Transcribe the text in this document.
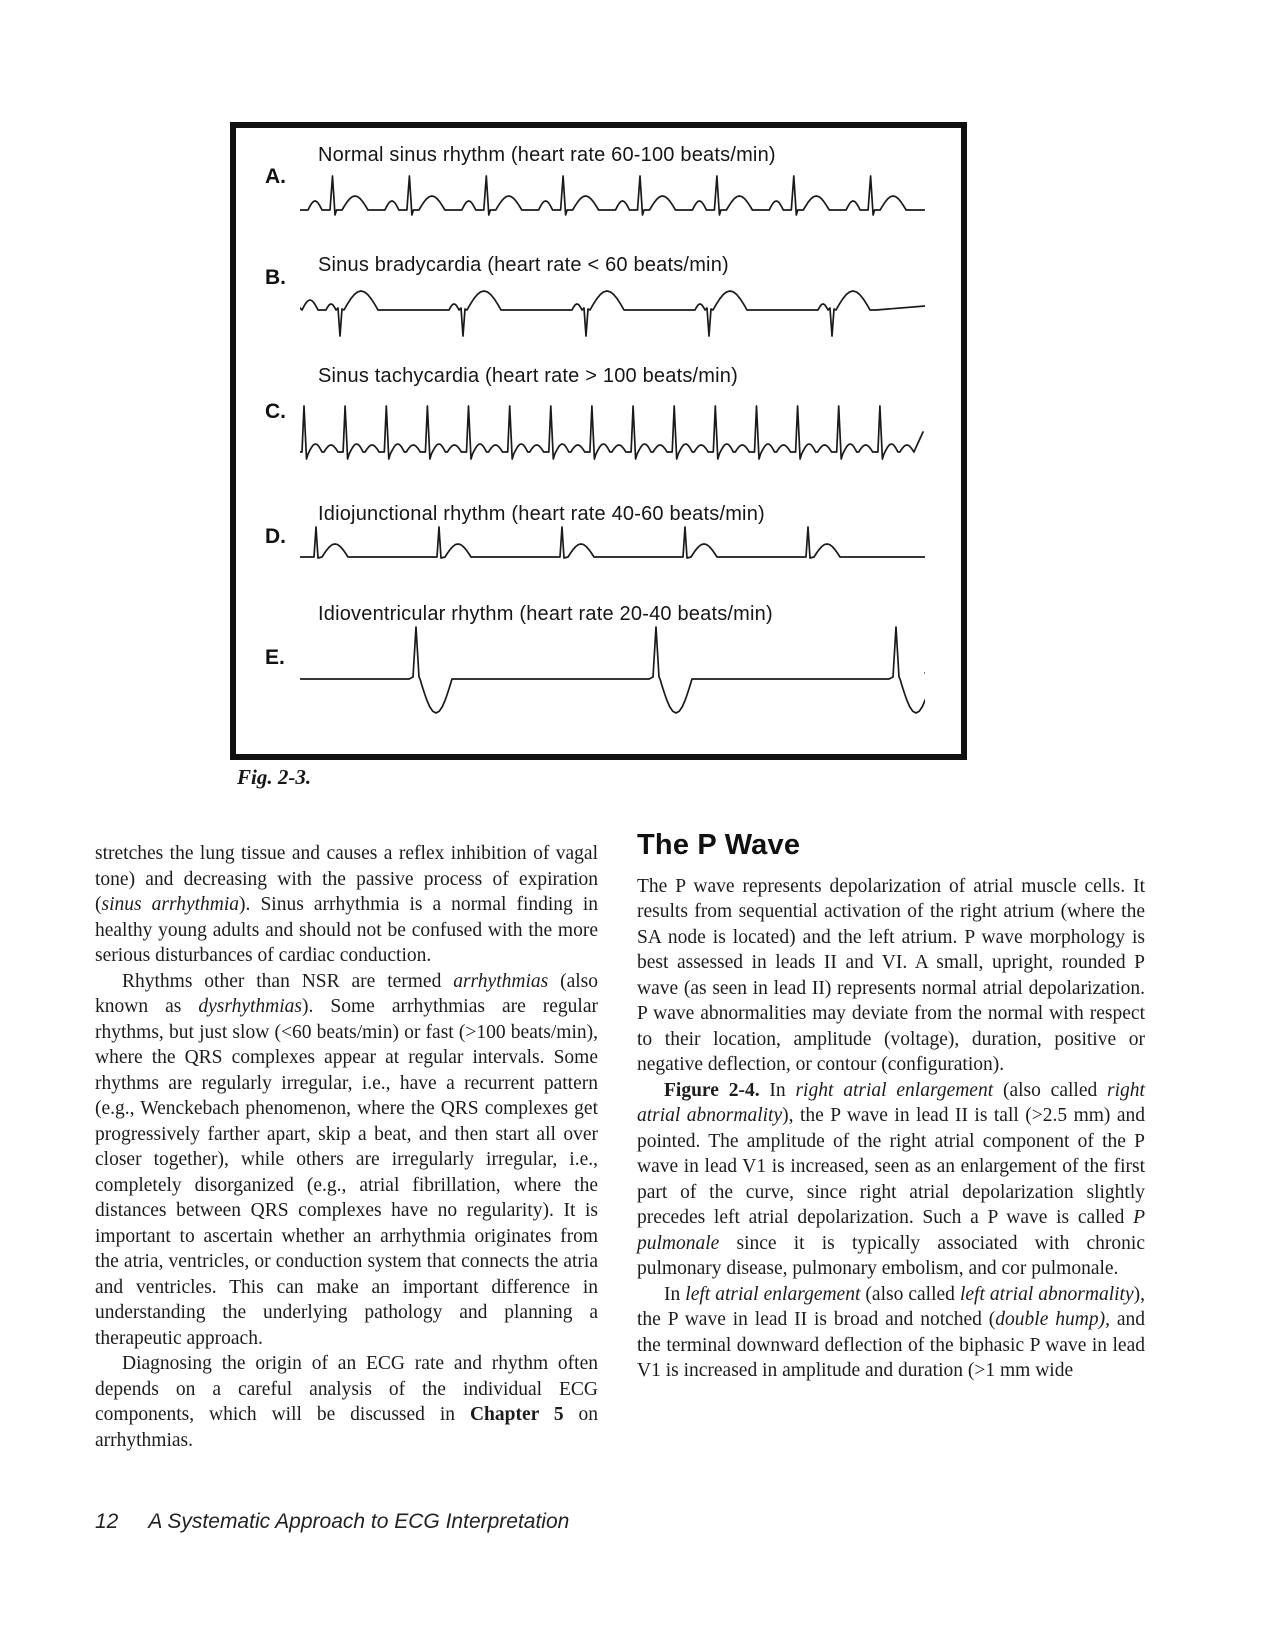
Normal sinus rhythm (heart rate 60-100 beats/min)
A.
Sinus bradycardia (heart rate < 60 beats/min)
B.
Sinus tachycardia (heart rate > 100 beats/min)
C.
Idiojunctional rhythm (heart rate 40-60 beats/min)
D.
Idioventricular rhythm (heart rate 20-40 beats/min)
E.
Fig. 2-3.

stretches the lung tissue and causes a reflex inhibition of vagal tone) and decreasing with the passive process of expiration (sinus arrhythmia). Sinus arrhythmia is a normal finding in healthy young adults and should not be confused with the more serious disturbances of cardiac conduction.

Rhythms other than NSR are termed arrhythmias (also known as dysrhythmias). Some arrhythmias are regular rhythms, but just slow (<60 beats/min) or fast (>100 beats/min), where the QRS complexes appear at regular intervals. Some rhythms are regularly irregular, i.e., have a recurrent pattern (e.g., Wenckebach phenomenon, where the QRS complexes get progressively farther apart, skip a beat, and then start all over closer together), while others are irregularly irregular, i.e., completely disorganized (e.g., atrial fibrillation, where the distances between QRS complexes have no regularity). It is important to ascertain whether an arrhythmia originates from the atria, ventricles, or conduction system that connects the atria and ventricles. This can make an important difference in understanding the underlying pathology and planning a therapeutic approach.

Diagnosing the origin of an ECG rate and rhythm often depends on a careful analysis of the individual ECG components, which will be discussed in Chapter 5 on arrhythmias.

The P Wave

The P wave represents depolarization of atrial muscle cells. It results from sequential activation of the right atrium (where the SA node is located) and the left atrium. P wave morphology is best assessed in leads II and VI. A small, upright, rounded P wave (as seen in lead II) represents normal atrial depolarization. P wave abnormalities may deviate from the normal with respect to their location, amplitude (voltage), duration, positive or negative deflection, or contour (configuration).

Figure 2-4. In right atrial enlargement (also called right atrial abnormality), the P wave in lead II is tall (>2.5 mm) and pointed. The amplitude of the right atrial component of the P wave in lead V1 is increased, seen as an enlargement of the first part of the curve, since right atrial depolarization slightly precedes left atrial depolarization. Such a P wave is called P pulmonale since it is typically associated with chronic pulmonary disease, pulmonary embolism, and cor pulmonale.

In left atrial enlargement (also called left atrial abnormality), the P wave in lead II is broad and notched (double hump), and the terminal downward deflection of the biphasic P wave in lead V1 is increased in amplitude and duration (>1 mm wide

12 A Systematic Approach to ECG Interpretation
